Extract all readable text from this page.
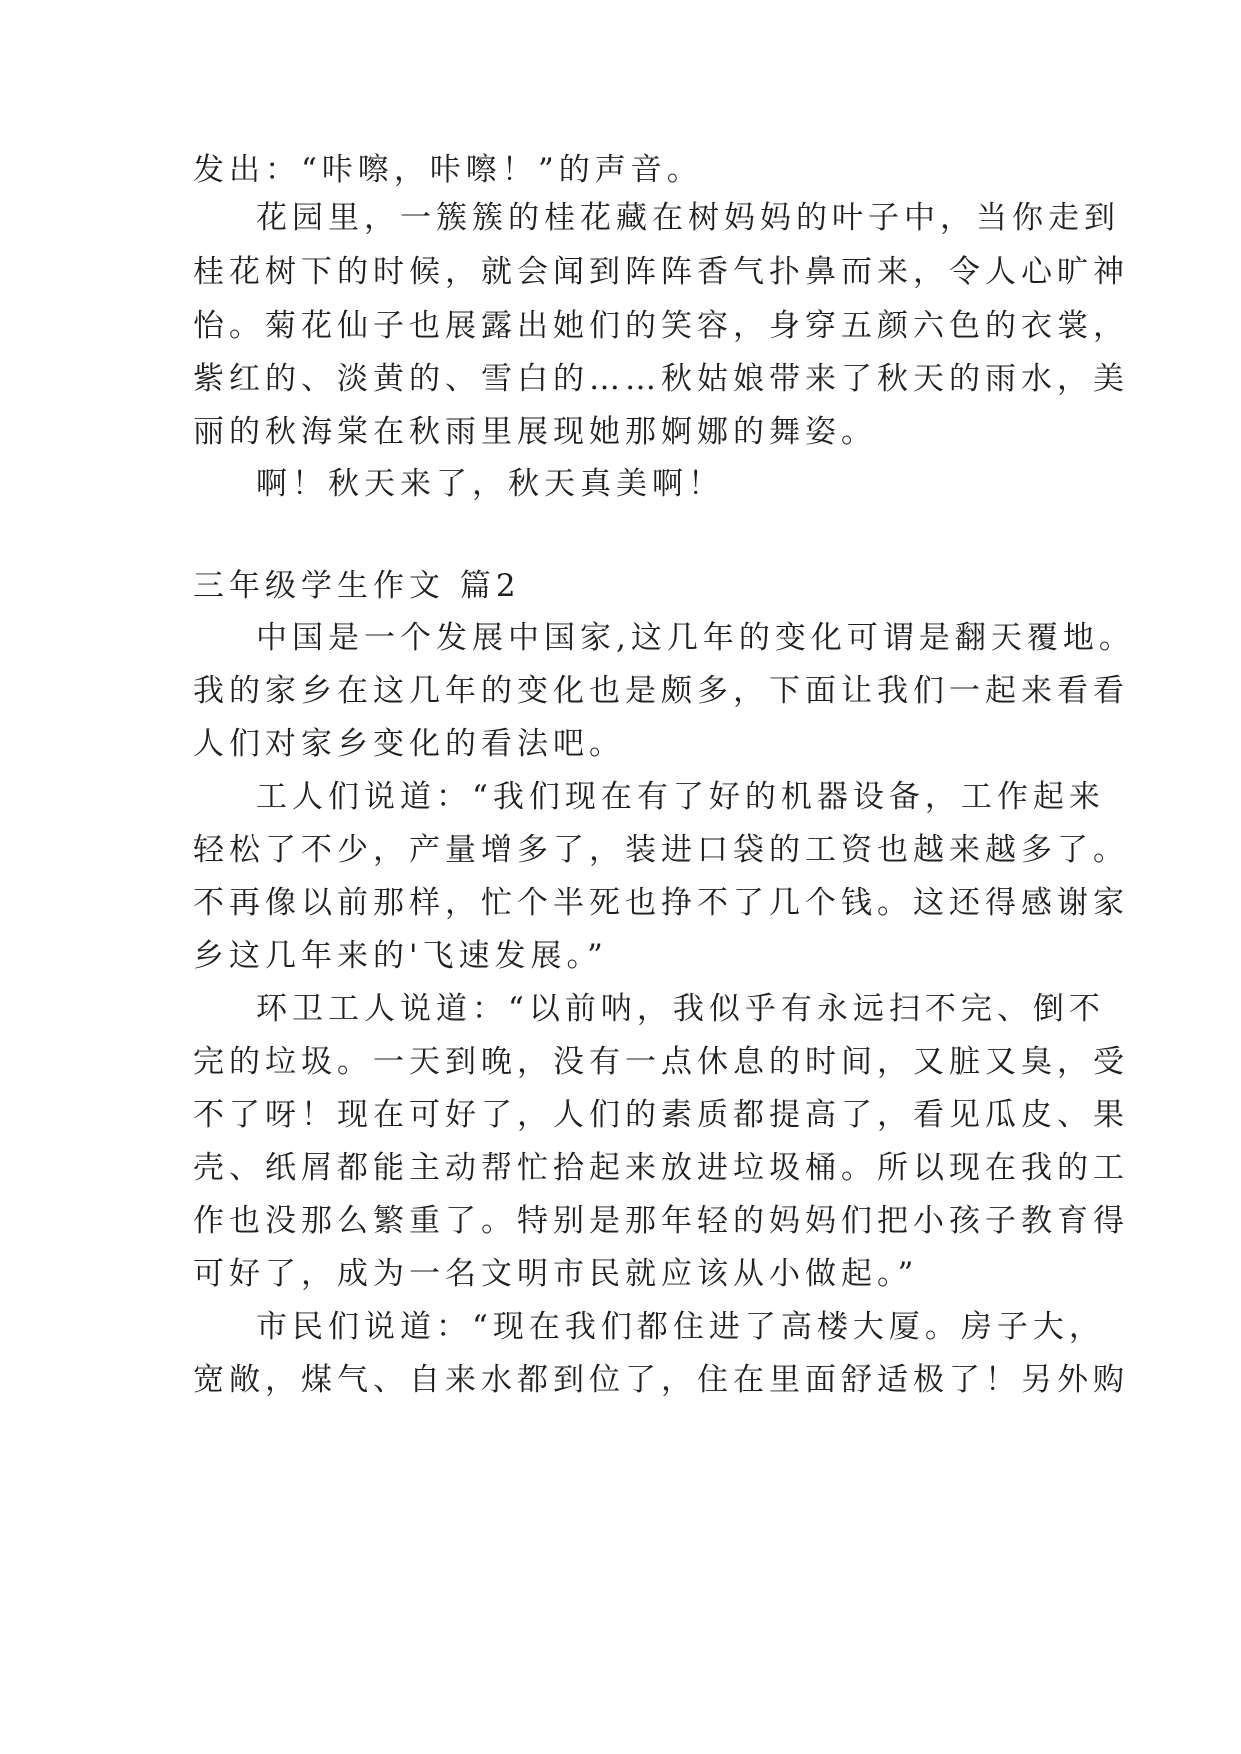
发出：“咔嚓，咔嚓！”的声音。
花园里，一簇簇的桂花藏在树妈妈的叶子中，当你走到
桂花树下的时候，就会闻到阵阵香气扑鼻而来，令人心旷神
怡。菊花仙子也展露出她们的笑容，身穿五颜六色的衣裳，
紫红的、淡黄的、雪白的……秋姑娘带来了秋天的雨水，美
丽的秋海棠在秋雨里展现她那婀娜的舞姿。
啊！秋天来了，秋天真美啊！
三年级学生作文 篇2
中国是一个发展中国家,这几年的变化可谓是翻天覆地。
我的家乡在这几年的变化也是颇多，下面让我们一起来看看
人们对家乡变化的看法吧。
工人们说道：“我们现在有了好的机器设备，工作起来
轻松了不少，产量增多了，装进口袋的工资也越来越多了。
不再像以前那样，忙个半死也挣不了几个钱。这还得感谢家
乡这几年来的'飞速发展。”
环卫工人说道：“以前呐，我似乎有永远扫不完、倒不
完的垃圾。一天到晚，没有一点休息的时间，又脏又臭，受
不了呀！现在可好了，人们的素质都提高了，看见瓜皮、果
壳、纸屑都能主动帮忙拾起来放进垃圾桶。所以现在我的工
作也没那么繁重了。特别是那年轻的妈妈们把小孩子教育得
可好了，成为一名文明市民就应该从小做起。”
市民们说道：“现在我们都住进了高楼大厦。房子大，
宽敞，煤气、自来水都到位了，住在里面舒适极了！另外购
